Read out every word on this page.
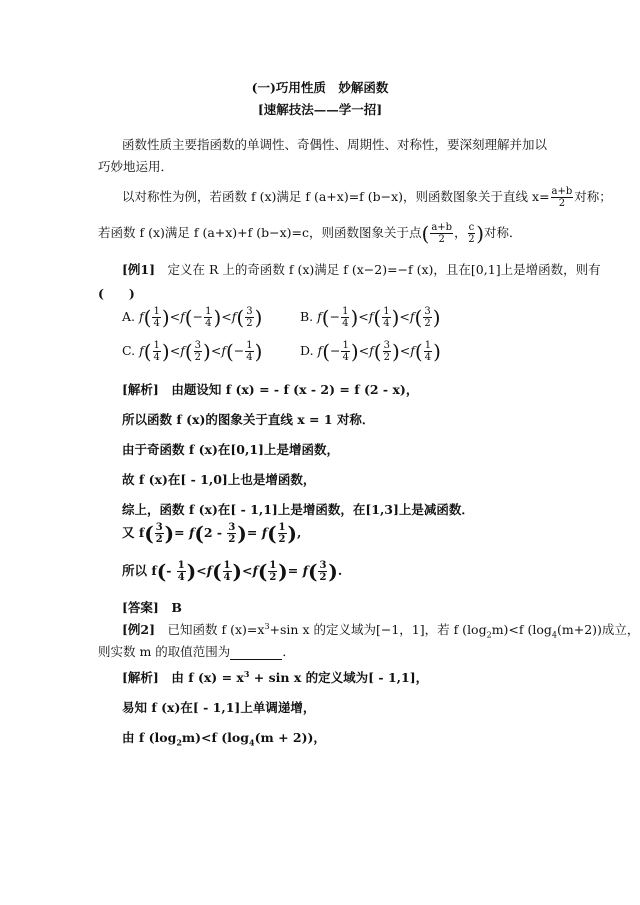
(一)巧用性质　妙解函数
[速解技法——学一招]
函数性质主要指函数的单调性、奇偶性、周期性、对称性，要深刻理解并加以巧妙地运用．
以对称性为例，若函数 f (x)满足 f (a+x)=f (b−x)，则函数图象关于直线 $x= \frac{a+b}{2}$ 对称；
若函数 f (x)满足 f (a+x)+f (b−x)=c，则函数图象关于点( $\frac{a+b}{2}$ ， $\frac{c}{2}$ )对称．
[例1]　 定义在 R 上的奇函数 f (x)满足 f (x−2)=−f (x)，且在[0,1]上是增函数，则有
(　　)
A. $f( \frac{1}{4} )<f(- \frac{1}{4} )<f( \frac{3}{2}$ )	B. $f(- \frac{1}{4} )<f( \frac{1}{4} )<f( \frac{3}{2}$ )
C. $f( \frac{1}{4} )<f( \frac{3}{2} )<f(- \frac{1}{4}$ )	D. $f(- \frac{1}{4} )<f( \frac{3}{2} )<f( \frac{1}{4}$ )
[解析]　 由题设知 f (x) = - f (x - 2) = f (2 - x)，
所以函数 f (x)的图象关于直线 x = 1 对称．
由于奇函数 f (x)在[0,1]上是增函数，
故 f (x)在[ - 1,0]上也是增函数，
综上，函数 f (x)在[ - 1,1]上是增函数，在[1,3]上是减函数．
又 $f( \frac{3}{2}$ )= $f(2 - \frac{3}{2}$ )= $f( \frac{1}{2}$ ),
所以 $f(- \frac{1}{4} )<f( \frac{1}{4} )<f( \frac{1}{2}$ )= $f( \frac{3}{2}$ ).
[答案]　 B
[例2]　 已知函数 f $(x)=x^3+\sin$ x 的定义域为[−1，1]，若 f $(\log_2m)<f$ $(\log_4(m+2))$成立，
则实数 m 的取值范围为	．
[解析]　 由 f $(x) = x^3 + \sin x$ 的定义域为[ - 1,1]，
易知 f (x)在[ - 1,1]上单调递增，
由 f $(\log_2m)<f$ $(\log_4(m + 2))$，
